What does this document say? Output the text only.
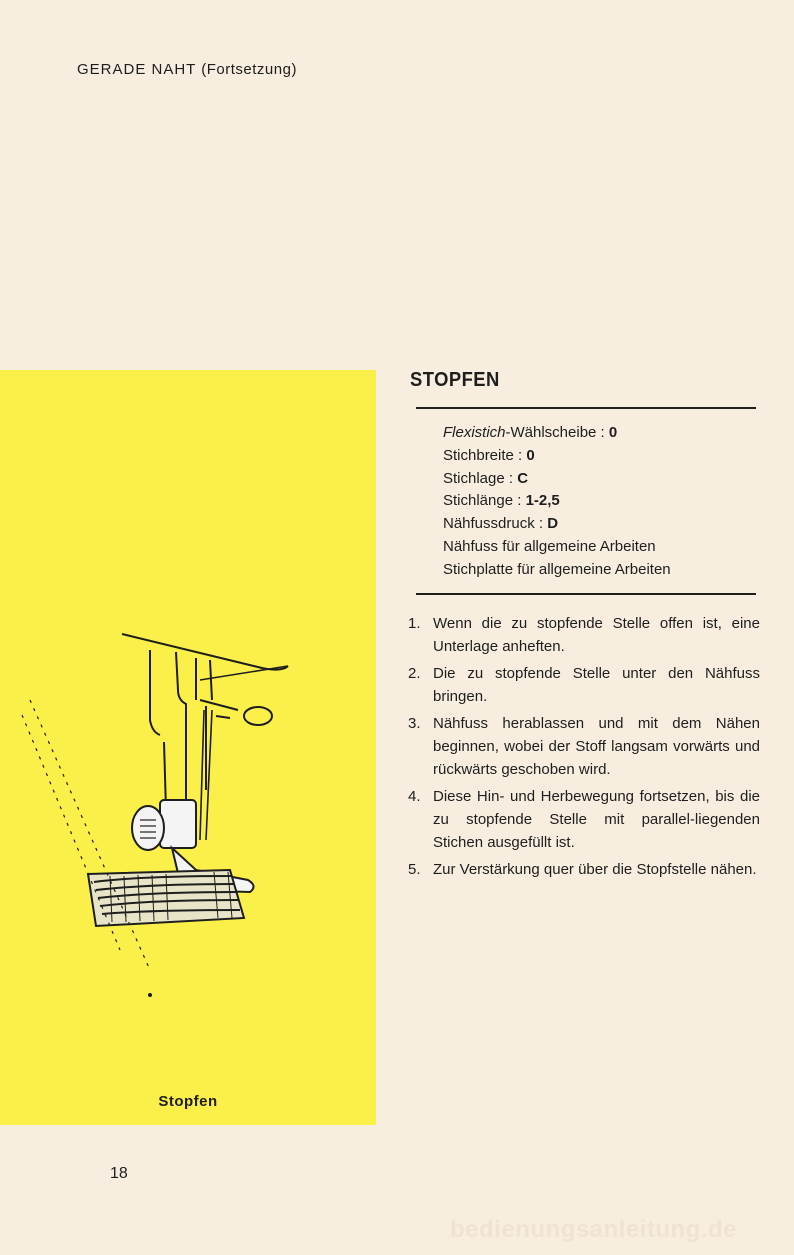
GERADE NAHT (Fortsetzung)
Stopfen
STOPFEN
Flexistich-Wählscheibe : 0
Stichbreite : 0
Stichlage : C
Stichlänge : 1-2,5
Nähfussdruck : D
Nähfuss für allgemeine Arbeiten
Stichplatte für allgemeine Arbeiten
1. Wenn die zu stopfende Stelle offen ist, eine Unterlage anheften.
2. Die zu stopfende Stelle unter den Nähfuss bringen.
3. Nähfuss herablassen und mit dem Nähen beginnen, wobei der Stoff langsam vorwärts und rückwärts geschoben wird.
4. Diese Hin- und Herbewegung fortsetzen, bis die zu stopfende Stelle mit parallel-liegenden Stichen ausgefüllt ist.
5. Zur Verstärkung quer über die Stopfstelle nähen.
18
bedienungsanleitung.de
